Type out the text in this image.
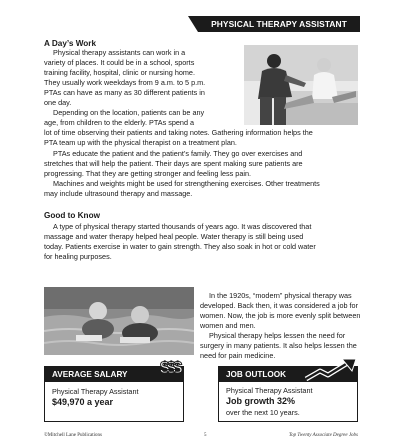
PHYSICAL THERAPY ASSISTANT
A Day’s Work
Physical therapy assistants can work in a
variety of places. It could be in a school, sports
training facility, hospital, clinic or nursing home.
They usually work weekdays from 9 a.m. to 5 p.m.
PTAs can have as many as 30 different patients in
one day.
Depending on the location, patients can be any
age, from children to the elderly. PTAs spend a
lot of time observing their patients and taking notes. Gathering information helps the
PTA team up with the physical therapist on a treatment plan.
PTAs educate the patient and the patient’s family. They go over exercises and
stretches that will help the patient. Their days are spent making sure patients are
progressing. That they are getting stronger and feeling less pain.
Machines and weights might be used for strengthening exercises. Other treatments
may include ultrasound therapy and massage.
Good to Know
A type of physical therapy started thousands of years ago. It was discovered that
massage and water therapy helped heal people. Water therapy is still being used
today. Patients exercise in water to gain strength. They also soak in hot or cold water
for healing purposes.
In the 1920s, “modern” physical therapy was
developed. Back then, it was considered a job for
women. Now, the job is more evenly split between
women and men.
Physical therapy helps lessen the need for
surgery in many patients. It also helps lessen the
need for pain medicine.
AVERAGE SALARY $$$
Physical Therapy Assistant
$49,970 a year
JOB OUTLOOK
Physical Therapy Assistant
Job growth 32%
over the next 10 years.
©Mitchell Lane Publications	5	Top Twenty Associate Degree Jobs
